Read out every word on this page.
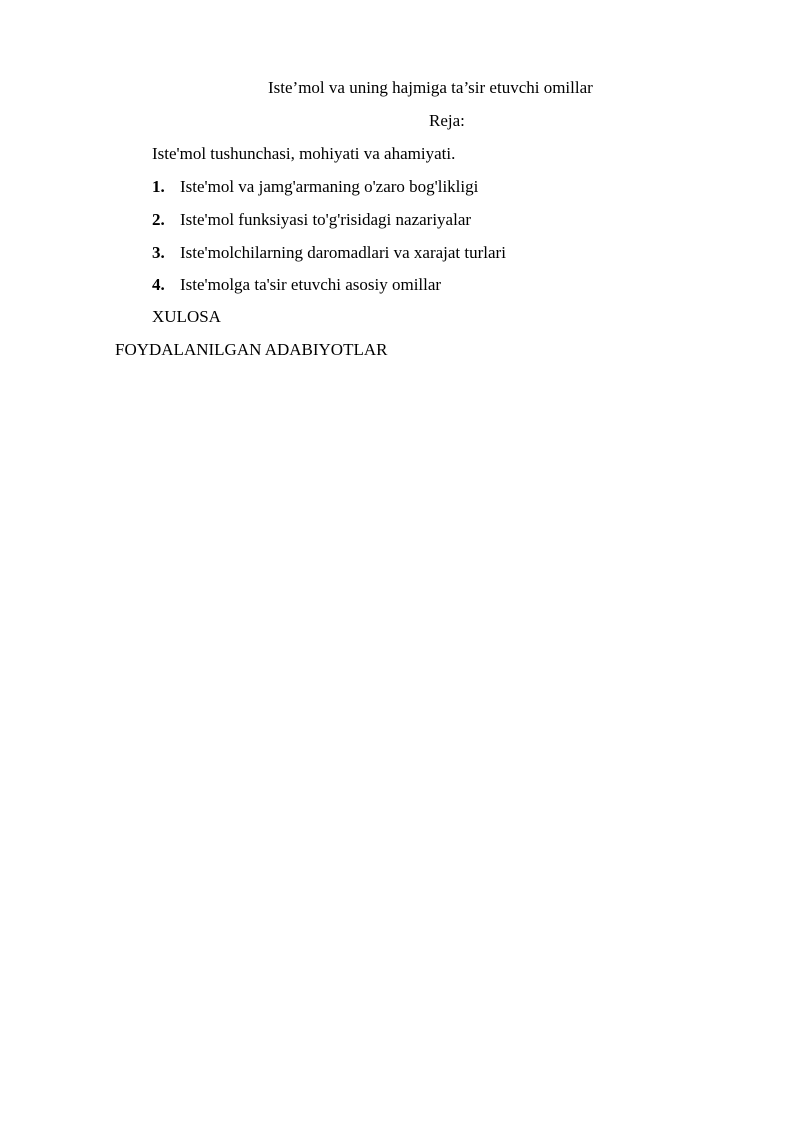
Iste’mol va uning hajmiga ta’sir etuvchi omillar
Reja:
Iste'mol tushunchasi, mohiyati va ahamiyati.
1. Iste'mol va jamg'armaning o'zaro bog'likligi
2. Iste'mol funksiyasi to'g'risidagi nazariyalar
3. Iste'molchilarning daromadlari va xarajat turlari
4. Iste'molga ta'sir etuvchi asosiy omillar
XULOSA
FOYDALANILGAN ADABIYOTLAR
